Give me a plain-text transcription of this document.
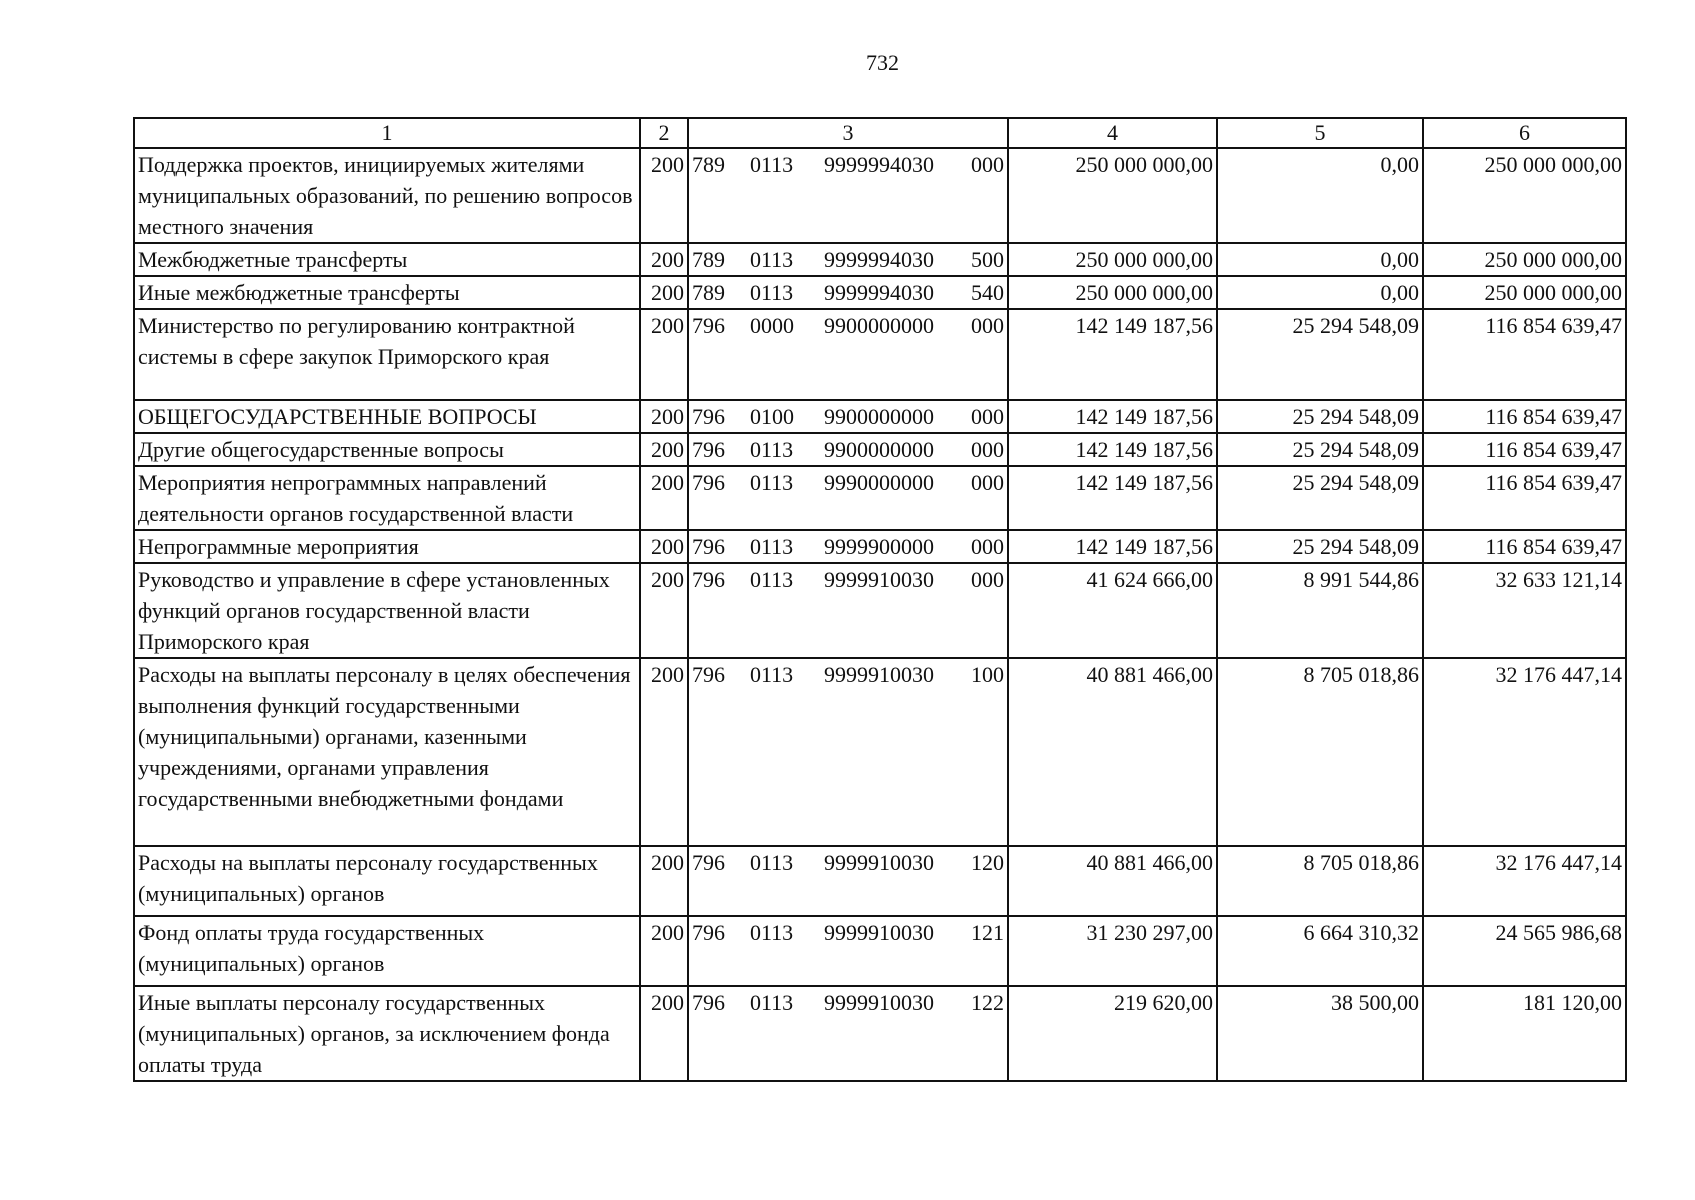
732
1	2	3	4	5	6
Поддержка проектов, инициируемых жителями муниципальных образований, по решению вопросов местного значения	200	789 0113 9999994030 000	250 000 000,00	0,00	250 000 000,00
Межбюджетные трансферты	200	789 0113 9999994030 500	250 000 000,00	0,00	250 000 000,00
Иные межбюджетные трансферты	200	789 0113 9999994030 540	250 000 000,00	0,00	250 000 000,00
Министерство по регулированию контрактной системы в сфере закупок Приморского края	200	796 0000 9900000000 000	142 149 187,56	25 294 548,09	116 854 639,47
ОБЩЕГОСУДАРСТВЕННЫЕ ВОПРОСЫ	200	796 0100 9900000000 000	142 149 187,56	25 294 548,09	116 854 639,47
Другие общегосударственные вопросы	200	796 0113 9900000000 000	142 149 187,56	25 294 548,09	116 854 639,47
Мероприятия непрограммных направлений деятельности органов государственной власти	200	796 0113 9990000000 000	142 149 187,56	25 294 548,09	116 854 639,47
Непрограммные мероприятия	200	796 0113 9999900000 000	142 149 187,56	25 294 548,09	116 854 639,47
Руководство и управление в сфере установленных функций органов государственной власти Приморского края	200	796 0113 9999910030 000	41 624 666,00	8 991 544,86	32 633 121,14
Расходы на выплаты персоналу в целях обеспечения выполнения функций государственными (муниципальными) органами, казенными учреждениями, органами управления государственными внебюджетными фондами	200	796 0113 9999910030 100	40 881 466,00	8 705 018,86	32 176 447,14
Расходы на выплаты персоналу государственных (муниципальных) органов	200	796 0113 9999910030 120	40 881 466,00	8 705 018,86	32 176 447,14
Фонд оплаты труда государственных (муниципальных) органов	200	796 0113 9999910030 121	31 230 297,00	6 664 310,32	24 565 986,68
Иные выплаты персоналу государственных (муниципальных) органов, за исключением фонда оплаты труда	200	796 0113 9999910030 122	219 620,00	38 500,00	181 120,00
